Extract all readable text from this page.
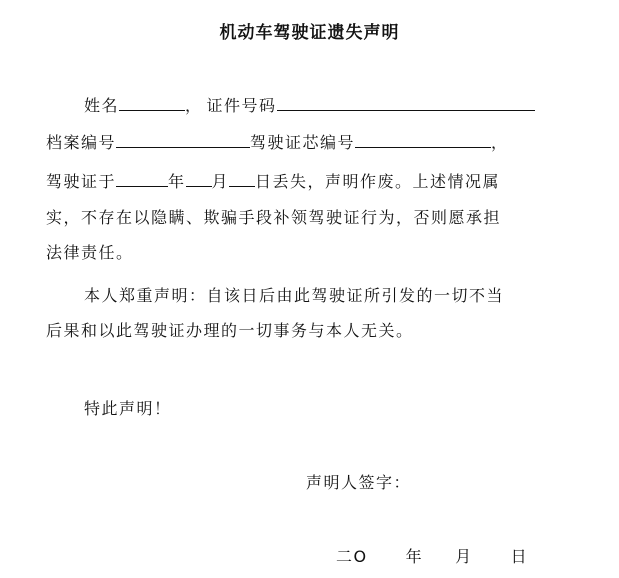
机动车驾驶证遗失声明
姓名	， 证件号码
档案编号	驾驶证芯编号	，
驾驶证于	年 月 日丢失，声明作废。上述情况属
实，不存在以隐瞒、欺骗手段补领驾驶证行为，否则愿承担
法律责任。
本人郑重声明：自该日后由此驾驶证所引发的一切不当
后果和以此驾驶证办理的一切事务与本人无关。
特此声明！
声明人签字：
二O 年 月 日
